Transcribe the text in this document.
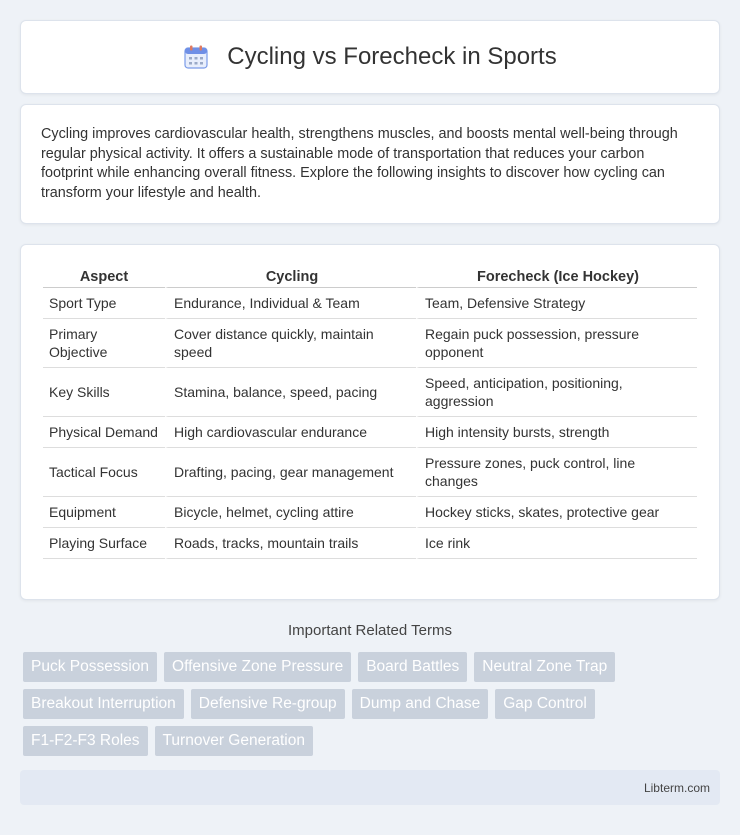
Cycling vs Forecheck in Sports

Cycling improves cardiovascular health, strengthens muscles, and boosts mental well-being through regular physical activity. It offers a sustainable mode of transportation that reduces your carbon footprint while enhancing overall fitness. Explore the following insights to discover how cycling can transform your lifestyle and health.

Aspect	Cycling	Forecheck (Ice Hockey)
Sport Type	Endurance, Individual & Team	Team, Defensive Strategy
Primary Objective	Cover distance quickly, maintain speed	Regain puck possession, pressure opponent
Key Skills	Stamina, balance, speed, pacing	Speed, anticipation, positioning, aggression
Physical Demand	High cardiovascular endurance	High intensity bursts, strength
Tactical Focus	Drafting, pacing, gear management	Pressure zones, puck control, line changes
Equipment	Bicycle, helmet, cycling attire	Hockey sticks, skates, protective gear
Playing Surface	Roads, tracks, mountain trails	Ice rink
Important Related Terms
Puck Possession	Offensive Zone Pressure	Board Battles	Neutral Zone Trap
Breakout Interruption	Defensive Re-group	Dump and Chase	Gap Control
F1-F2-F3 Roles	Turnover Generation
Libterm.com
